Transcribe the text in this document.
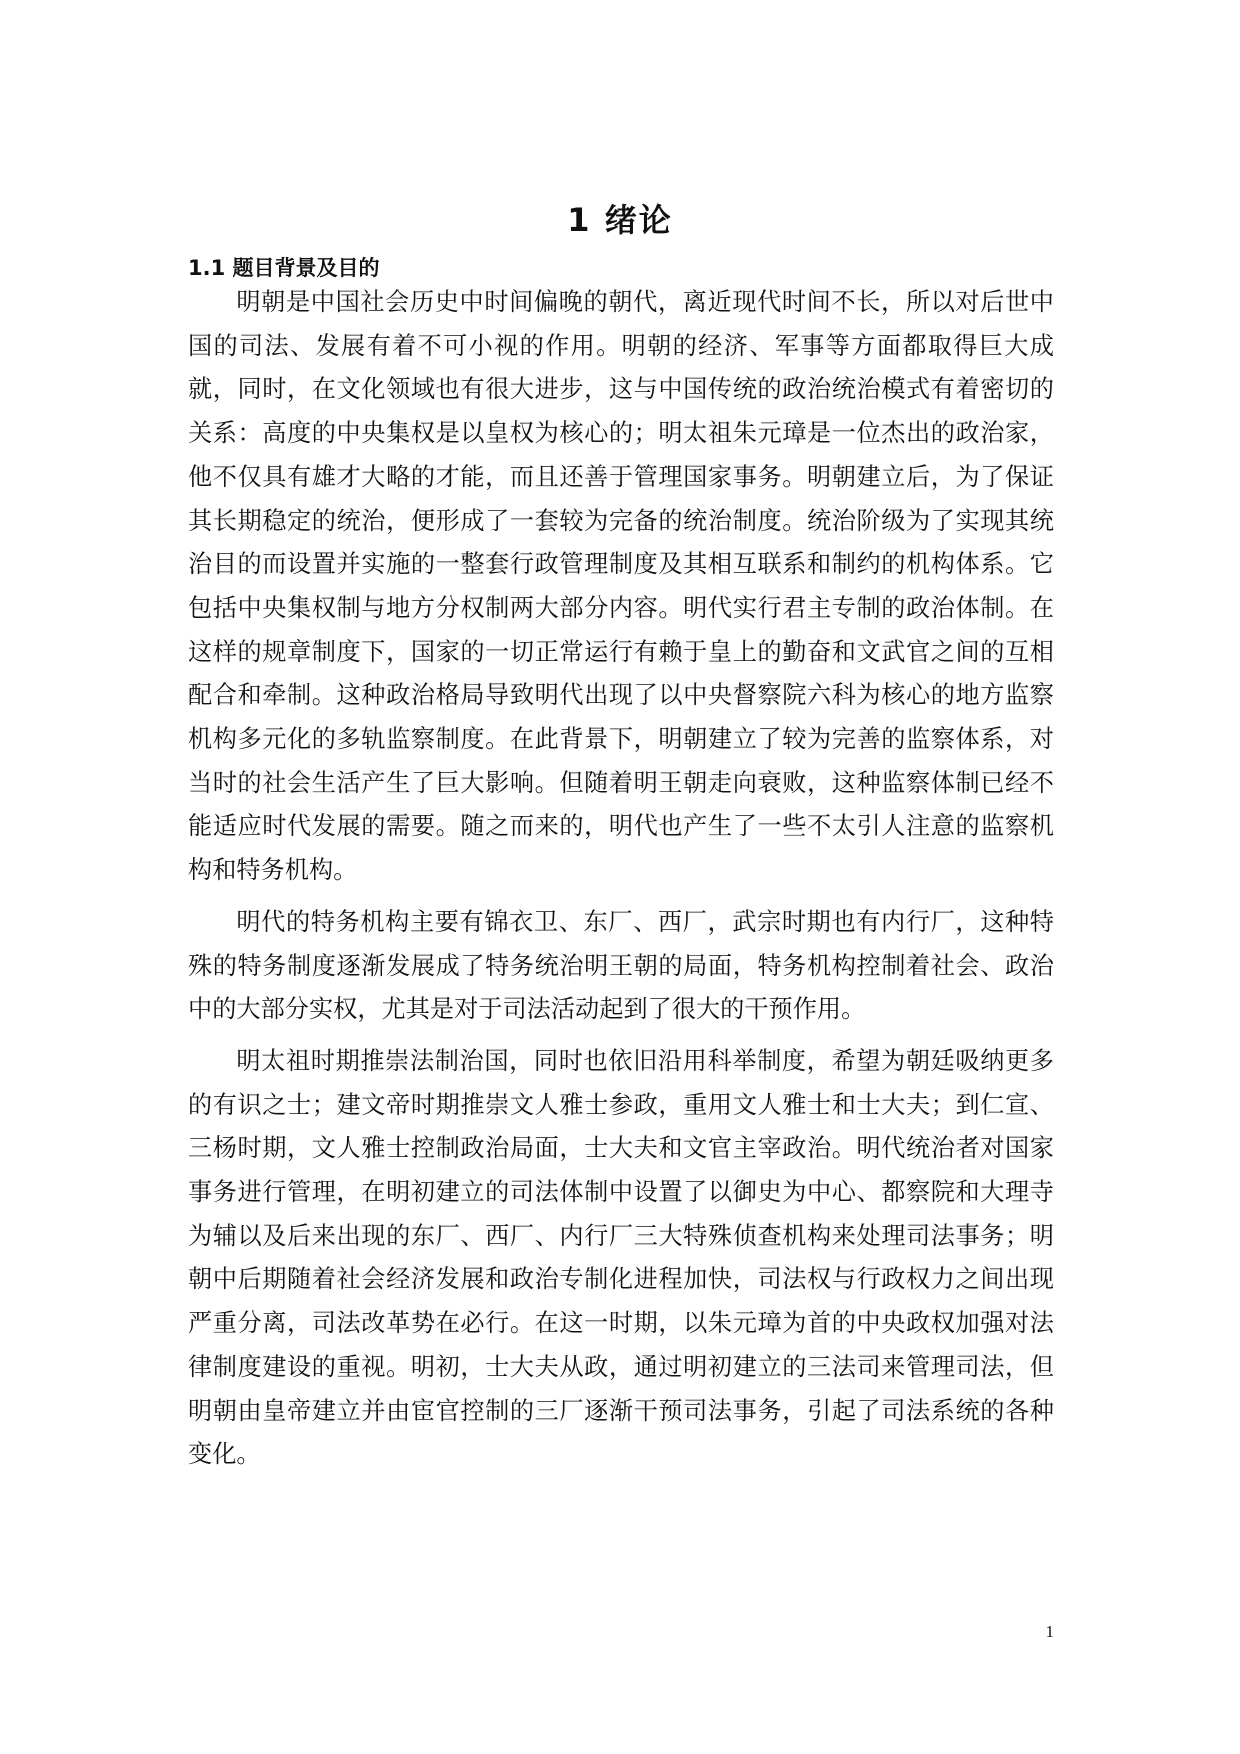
1 绪论
1.1 题目背景及目的

明朝是中国社会历史中时间偏晚的朝代，离近现代时间不长，所以对后世中国的司法、发展有着不可小视的作用。明朝的经济、军事等方面都取得巨大成就，同时，在文化领域也有很大进步，这与中国传统的政治统治模式有着密切的关系：高度的中央集权是以皇权为核心的；明太祖朱元璋是一位杰出的政治家，他不仅具有雄才大略的才能，而且还善于管理国家事务。明朝建立后，为了保证其长期稳定的统治，便形成了一套较为完备的统治制度。统治阶级为了实现其统治目的而设置并实施的一整套行政管理制度及其相互联系和制约的机构体系。它包括中央集权制与地方分权制两大部分内容。明代实行君主专制的政治体制。在这样的规章制度下，国家的一切正常运行有赖于皇上的勤奋和文武官之间的互相配合和牵制。这种政治格局导致明代出现了以中央督察院六科为核心的地方监察机构多元化的多轨监察制度。在此背景下，明朝建立了较为完善的监察体系，对当时的社会生活产生了巨大影响。但随着明王朝走向衰败，这种监察体制已经不能适应时代发展的需要。随之而来的，明代也产生了一些不太引人注意的监察机构和特务机构。

明代的特务机构主要有锦衣卫、东厂、西厂，武宗时期也有内行厂，这种特殊的特务制度逐渐发展成了特务统治明王朝的局面，特务机构控制着社会、政治中的大部分实权，尤其是对于司法活动起到了很大的干预作用。

明太祖时期推崇法制治国，同时也依旧沿用科举制度，希望为朝廷吸纳更多的有识之士；建文帝时期推崇文人雅士参政，重用文人雅士和士大夫；到仁宣、三杨时期，文人雅士控制政治局面，士大夫和文官主宰政治。明代统治者对国家事务进行管理，在明初建立的司法体制中设置了以御史为中心、都察院和大理寺为辅以及后来出现的东厂、西厂、内行厂三大特殊侦查机构来处理司法事务；明朝中后期随着社会经济发展和政治专制化进程加快，司法权与行政权力之间出现严重分离，司法改革势在必行。在这一时期，以朱元璋为首的中央政权加强对法律制度建设的重视。明初，士大夫从政，通过明初建立的三法司来管理司法，但明朝由皇帝建立并由宦官控制的三厂逐渐干预司法事务，引起了司法系统的各种变化。

1
